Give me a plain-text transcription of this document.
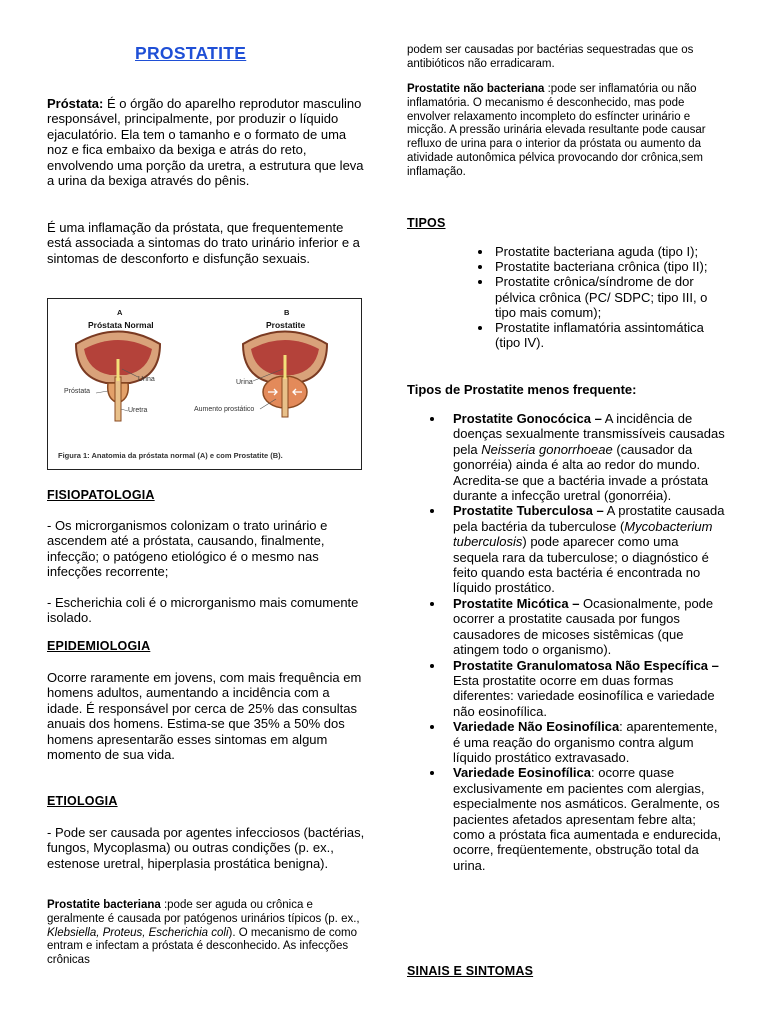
PROSTATITE

Próstata: É o órgão do aparelho reprodutor masculino responsável, principalmente, por produzir o líquido ejaculatório. Ela tem o tamanho e o formato de uma noz e fica embaixo da bexiga e atrás do reto, envolvendo uma porção da uretra, a estrutura que leva a urina da bexiga através do pênis.

É uma inflamação da próstata, que frequentemente está associada a sintomas do trato urinário inferior e a sintomas de desconforto e disfunção sexuais.

FISIOPATOLOGIA

- Os microrganismos colonizam o trato urinário e ascendem até a próstata, causando, finalmente, infecção; o patógeno etiológico é o mesmo nas infecções recorrente;

- Escherichia coli é o microrganismo mais comumente isolado.

EPIDEMIOLOGIA

Ocorre raramente em jovens, com mais frequência em homens adultos, aumentando a incidência com a idade. É responsável por cerca de 25% das consultas anuais dos homens. Estima-se que 35% a 50% dos homens apresentarão esses sintomas em algum momento de sua vida.

ETIOLOGIA

- Pode ser causada por agentes infecciosos (bactérias, fungos, Mycoplasma) ou outras condições (p. ex., estenose uretral, hiperplasia prostática benigna).

Prostatite bacteriana :pode ser aguda ou crônica e geralmente é causada por patógenos urinários típicos (p. ex., Klebsiella, Proteus, Escherichia coli). O mecanismo de como entram e infectam a próstata é desconhecido. As infecções crônicas

A	B
Próstata Normal	Prostatite
Urina
Próstata
Uretra
Urina
Aumento prostático
Figura 1: Anatomia da próstata normal (A) e com Prostatite (B).

podem ser causadas por bactérias sequestradas que os antibióticos não erradicaram.

Prostatite não bacteriana :pode ser inflamatória ou não inflamatória. O mecanismo é desconhecido, mas pode envolver relaxamento incompleto do esfíncter urinário e micção. A pressão urinária elevada resultante pode causar refluxo de urina para o interior da próstata ou aumento da atividade autonômica pélvica provocando dor crônica,sem inflamação.

TIPOS

Prostatite bacteriana aguda (tipo I);
Prostatite bacteriana crônica (tipo II);
Prostatite crônica/síndrome de dor pélvica crônica (PC/ SDPC; tipo III, o tipo mais comum);
Prostatite inflamatória assintomática (tipo IV).

Tipos de Prostatite menos frequente:

Prostatite Gonocócica – A incidência de doenças sexualmente transmissíveis causadas pela Neisseria gonorrhoeae (causador da gonorréia) ainda é alta ao redor do mundo. Acredita-se que a bactéria invade a próstata durante a infecção uretral (gonorréia).
Prostatite Tuberculosa – A prostatite causada pela bactéria da tuberculose (Mycobacterium tuberculosis) pode aparecer como uma sequela rara da tuberculose; o diagnóstico é feito quando esta bactéria é encontrada no líquido prostático.
Prostatite Micótica – Ocasionalmente, pode ocorrer a prostatite causada por fungos causadores de micoses sistêmicas (que atingem todo o organismo).
Prostatite Granulomatosa Não Específica – Esta prostatite ocorre em duas formas diferentes: variedade eosinofílica e variedade não eosinofílica.
Variedade Não Eosinofílica: aparentemente, é uma reação do organismo contra algum líquido prostático extravasado.
Variedade Eosinofílica: ocorre quase exclusivamente em pacientes com alergias, especialmente nos asmáticos. Geralmente, os pacientes afetados apresentam febre alta; como a próstata fica aumentada e endurecida, ocorre, freqüentemente, obstrução total da urina.

SINAIS E SINTOMAS
